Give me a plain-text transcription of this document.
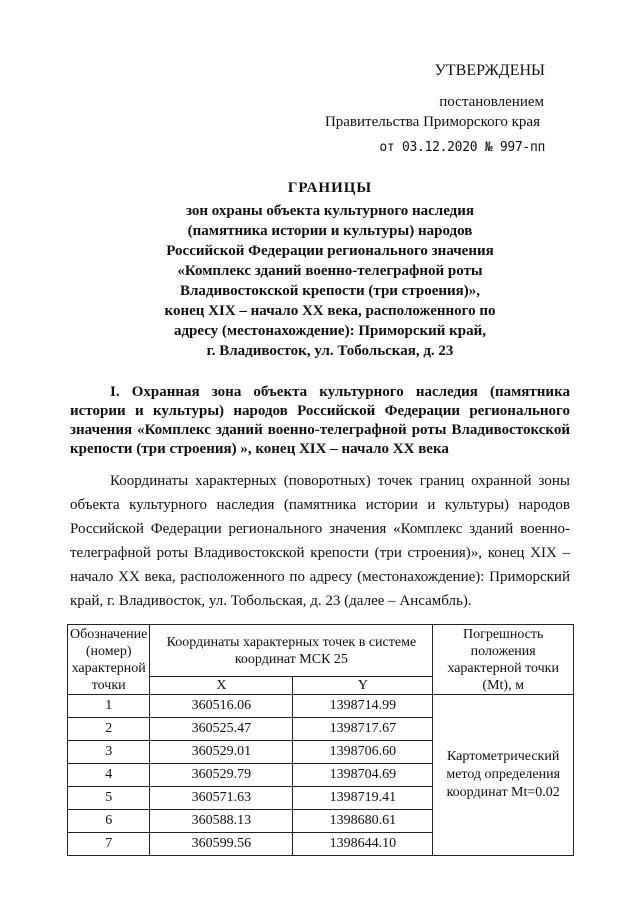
УТВЕРЖДЕНЫ
постановлением
Правительства Приморского края
от 03.12.2020 № 997-пп
ГРАНИЦЫ
зон охраны объекта культурного наследия
(памятника истории и культуры) народов
Российской Федерации регионального значения
«Комплекс зданий военно-телеграфной роты
Владивостокской крепости (три строения)»,
конец XIX – начало XX века, расположенного по
адресу (местонахождение): Приморский край,
г. Владивосток, ул. Тобольская, д. 23
I. Охранная зона объекта культурного наследия (памятника истории и культуры) народов Российской Федерации регионального значения «Комплекс зданий военно-телеграфной роты Владивостокской крепости (три строения) », конец XIX – начало XX века
Координаты характерных (поворотных) точек границ охранной зоны объекта культурного наследия (памятника истории и культуры) народов Российской Федерации регионального значения «Комплекс зданий военно-телеграфной роты Владивостокской крепости (три строения)», конец XIX – начало XX века, расположенного по адресу (местонахождение): Приморский край, г. Владивосток, ул. Тобольская, д. 23 (далее – Ансамбль).
Обозначение (номер) характерной точки	Координаты характерных точек в системе координат МСК 25		Погрешность положения характерной точки (Mt), м
	X	Y	
1	360516.06	1398714.99	Картометрический метод определения координат Mt=0.02
2	360525.47	1398717.67	
3	360529.01	1398706.60	
4	360529.79	1398704.69	
5	360571.63	1398719.41	
6	360588.13	1398680.61	
7	360599.56	1398644.10	
